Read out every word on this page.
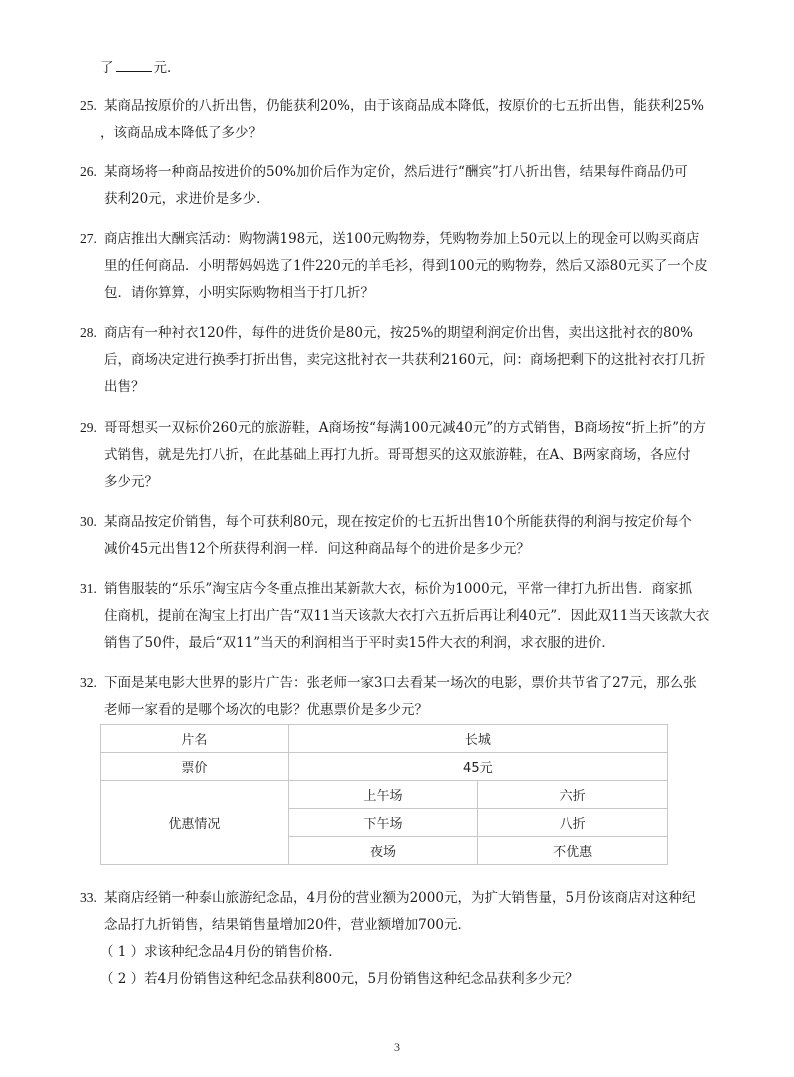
了	元．
25. 某商品按原价的八折出售，仍能获利20%，由于该商品成本降低，按原价的七五折出售，能获利25%
，该商品成本降低了多少？
26. 某商场将一种商品按进价的50%加价后作为定价，然后进行“酬宾”打八折出售，结果每件商品仍可
获利20元，求进价是多少．
27. 商店推出大酬宾活动：购物满198元，送100元购物券，凭购物券加上50元以上的现金可以购买商店
里的任何商品．小明帮妈妈选了1件220元的羊毛衫，得到100元的购物券，然后又添80元买了一个皮
包．请你算算，小明实际购物相当于打几折？
28. 商店有一种衬衣120件，每件的进货价是80元，按25%的期望利润定价出售，卖出这批衬衣的80%
后，商场决定进行换季打折出售，卖完这批衬衣一共获利2160元，问：商场把剩下的这批衬衣打几折
出售？
29. 哥哥想买一双标价260元的旅游鞋，A商场按“每满100元减40元”的方式销售，B商场按“折上折”的方
式销售，就是先打八折，在此基础上再打九折。哥哥想买的这双旅游鞋，在A、B两家商场，各应付
多少元？
30. 某商品按定价销售，每个可获利80元，现在按定价的七五折出售10个所能获得的利润与按定价每个
减价45元出售12个所获得利润一样．问这种商品每个的进价是多少元？
31. 销售服装的“乐乐”淘宝店今冬重点推出某新款大衣，标价为1000元，平常一律打九折出售．商家抓
住商机，提前在淘宝上打出广告“双11当天该款大衣打六五折后再让利40元”．因此双11当天该款大衣
销售了50件，最后“双11”当天的利润相当于平时卖15件大衣的利润，求衣服的进价．
32. 下面是某电影大世界的影片广告：张老师一家3口去看某一场次的电影，票价共节省了27元，那么张
老师一家看的是哪个场次的电影？优惠票价是多少元？
片名	长城	
票价	45元	
优惠情况	上午场	六折
	下午场	八折
	夜场	不优惠
33. 某商店经销一种泰山旅游纪念品，4月份的营业额为2000元，为扩大销售量，5月份该商店对这种纪
念品打九折销售，结果销售量增加20件，营业额增加700元．
（ 1 ）求该种纪念品4月份的销售价格．
（ 2 ）若4月份销售这种纪念品获利800元，5月份销售这种纪念品获利多少元？
3
